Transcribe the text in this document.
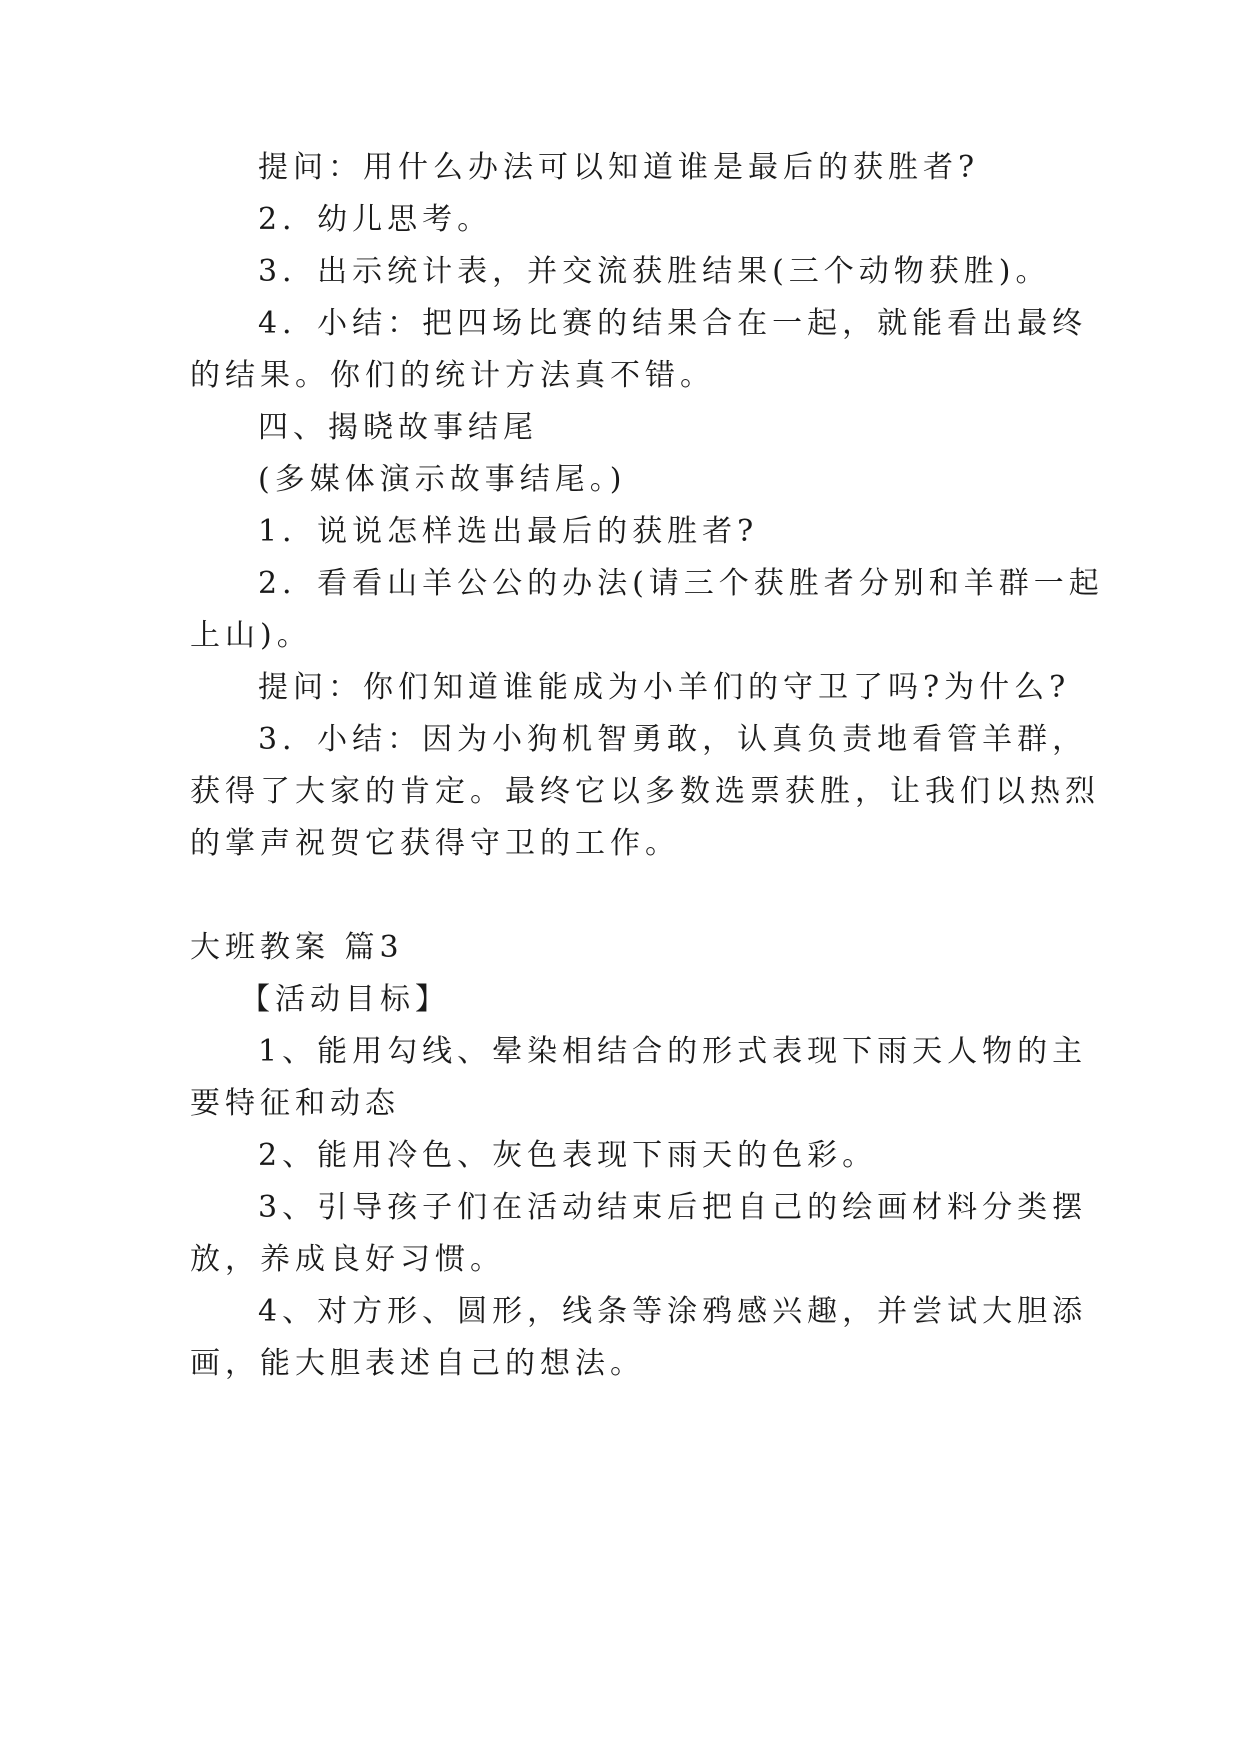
提问：用什么办法可以知道谁是最后的获胜者?
2．幼儿思考。
3．出示统计表，并交流获胜结果(三个动物获胜)。
4．小结：把四场比赛的结果合在一起，就能看出最终
的结果。你们的统计方法真不错。
四、揭晓故事结尾
(多媒体演示故事结尾。)
1．说说怎样选出最后的获胜者?
2．看看山羊公公的办法(请三个获胜者分别和羊群一起
上山)。
提问：你们知道谁能成为小羊们的守卫了吗?为什么?
3．小结：因为小狗机智勇敢，认真负责地看管羊群，
获得了大家的肯定。最终它以多数选票获胜，让我们以热烈
的掌声祝贺它获得守卫的工作。
大班教案 篇3
【活动目标】
1、能用勾线、晕染相结合的形式表现下雨天人物的主
要特征和动态
2、能用冷色、灰色表现下雨天的色彩。
3、引导孩子们在活动结束后把自己的绘画材料分类摆
放，养成良好习惯。
4、对方形、圆形，线条等涂鸦感兴趣，并尝试大胆添
画，能大胆表述自己的想法。
